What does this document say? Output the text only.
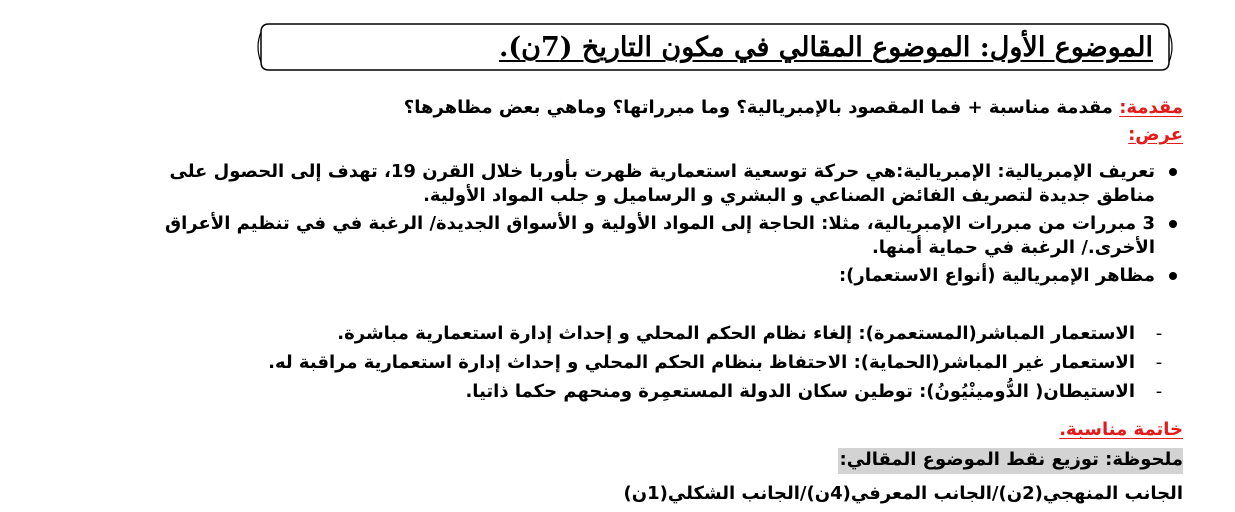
الموضوع الأول: الموضوع المقالي في مكون التاريخ (7ن).
مقدمة: مقدمة مناسبة + فما المقصود بالإمبريالية؟ وما مبرراتها؟ وماهي بعض مظاهرها؟
عرض:
تعريف الإمبريالية: الإمبريالية:هي حركة توسعية استعمارية ظهرت بأوربا خلال القرن 19، تهدف إلى الحصول على
مناطق جديدة لتصريف الفائض الصناعي و البشري و الرساميل و جلب المواد الأولية.
3 مبررات من مبررات الإمبريالية، مثلا: الحاجة إلى المواد الأولية و الأسواق الجديدة/ الرغبة في في تنظيم الأعراق
الأخرى./ الرغبة في حماية أمنها.
مظاهر الإمبريالية (أنواع الاستعمار):
-الاستعمار المباشر(المستعمرة): إلغاء نظام الحكم المحلي و إحداث إدارة استعمارية مباشرة.
-الاستعمار غير المباشر(الحماية): الاحتفاظ بنظام الحكم المحلي و إحداث إدارة استعمارية مراقبة له.
-الاستيطان( الدُّومينْيُونُ): توطين سكان الدولة المستعمِرة ومنحهم حكما ذاتيا.
خاتمة مناسبة.
ملحوظة: توزيع نقط الموضوع المقالي:
الجانب المنهجي(2ن)/الجانب المعرفي(4ن)/الجانب الشكلي(1ن)
